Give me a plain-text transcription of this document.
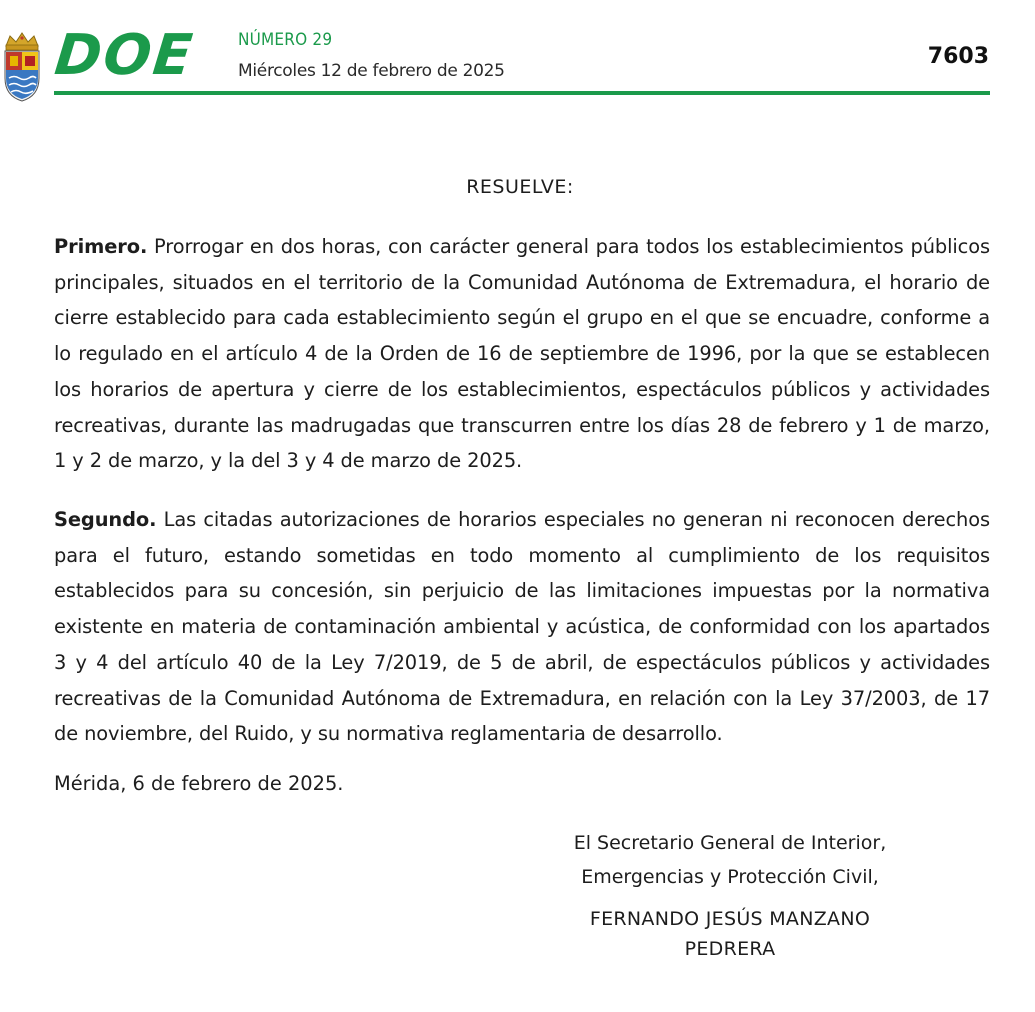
DOE NÚMERO 29
Miércoles 12 de febrero de 2025
7603
RESUELVE:
Primero. Prorrogar en dos horas, con carácter general para todos los establecimientos públicos principales, situados en el territorio de la Comunidad Autónoma de Extremadura, el horario de cierre establecido para cada establecimiento según el grupo en el que se encuadre, conforme a lo regulado en el artículo 4 de la Orden de 16 de septiembre de 1996, por la que se establecen los horarios de apertura y cierre de los establecimientos, espectáculos públicos y actividades recreativas, durante las madrugadas que transcurren entre los días 28 de febrero y 1 de marzo, 1 y 2 de marzo, y la del 3 y 4 de marzo de 2025.
Segundo. Las citadas autorizaciones de horarios especiales no generan ni reconocen derechos para el futuro, estando sometidas en todo momento al cumplimiento de los requisitos establecidos para su concesión, sin perjuicio de las limitaciones impuestas por la normativa existente en materia de contaminación ambiental y acústica, de conformidad con los apartados 3 y 4 del artículo 40 de la Ley 7/2019, de 5 de abril, de espectáculos públicos y actividades recreativas de la Comunidad Autónoma de Extremadura, en relación con la Ley 37/2003, de 17 de noviembre, del Ruido, y su normativa reglamentaria de desarrollo.
Mérida, 6 de febrero de 2025.
El Secretario General de Interior,
Emergencias y Protección Civil,
FERNANDO JESÚS MANZANO
PEDRERA
